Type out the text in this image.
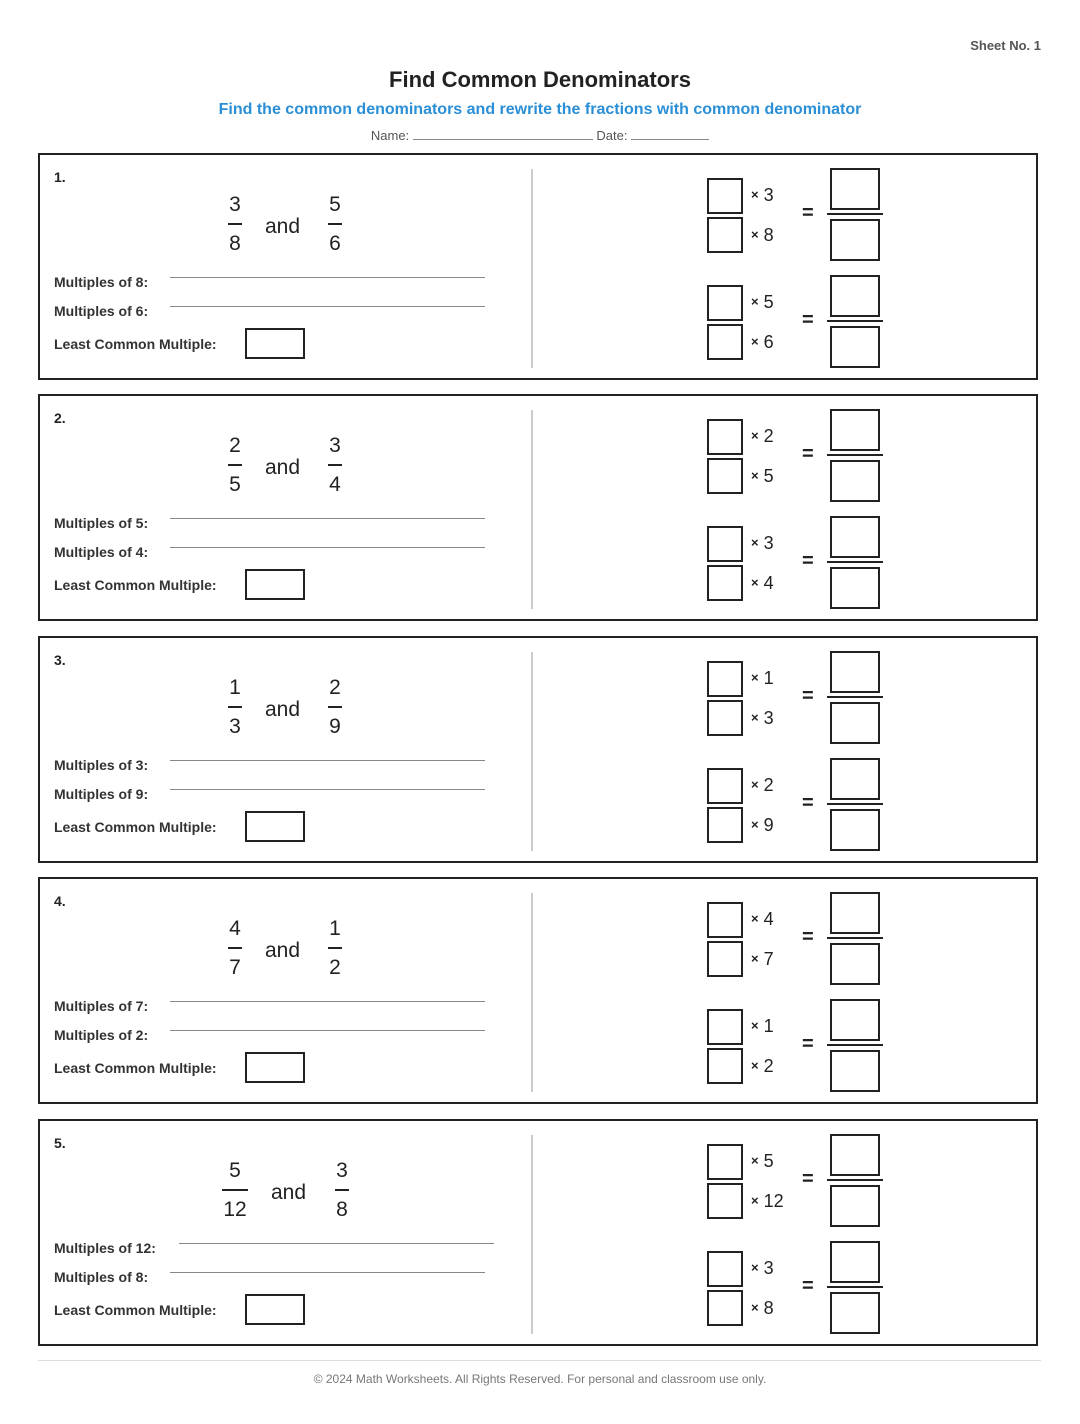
Sheet No. 1
Find Common Denominators
Find the common denominators and rewrite the fractions with common denominator
Name:	Date:
1.
3
8
and
5
6
Multiples of 8:
Multiples of 6:
Least Common Multiple:
× 3
× 8
=
× 5
× 6
=
2.
2
5
and
3
4
Multiples of 5:
Multiples of 4:
Least Common Multiple:
× 2
× 5
=
× 3
× 4
=
3.
1
3
and
2
9
Multiples of 3:
Multiples of 9:
Least Common Multiple:
× 1
× 3
=
× 2
× 9
=
4.
4
7
and
1
2
Multiples of 7:
Multiples of 2:
Least Common Multiple:
× 4
× 7
=
× 1
× 2
=
5.
5
12
and
3
8
Multiples of 12:
Multiples of 8:
Least Common Multiple:
× 5
× 12
=
× 3
× 8
=
© 2024 Math Worksheets. All Rights Reserved. For personal and classroom use only.
